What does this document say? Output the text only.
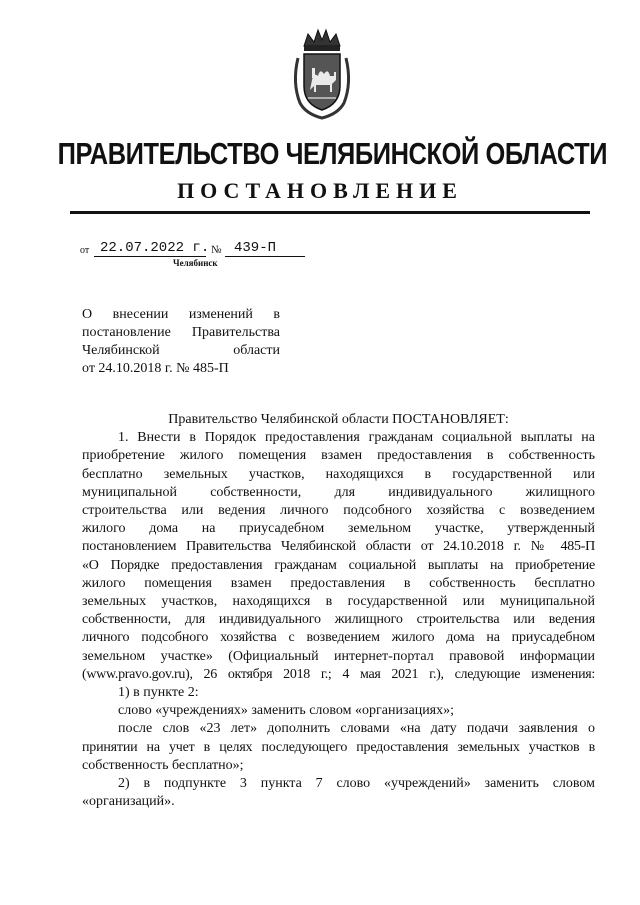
ПРАВИТЕЛЬСТВО ЧЕЛЯБИНСКОЙ ОБЛАСТИ
ПОСТАНОВЛЕНИЕ
от 22.07.2022 г. № 439-П
Челябинск
О внесении изменений в
постановление Правительства
Челябинской области
от 24.10.2018 г. № 485-П
Правительство Челябинской области ПОСТАНОВЛЯЕТ:
1. Внести в Порядок предоставления гражданам социальной выплаты на
приобретение жилого помещения взамен предоставления в собственность
бесплатно земельных участков, находящихся в государственной или
муниципальной собственности, для индивидуального жилищного
строительства или ведения личного подсобного хозяйства с возведением
жилого дома на приусадебном земельном участке, утвержденный
постановлением Правительства Челябинской области от 24.10.2018 г. № 485-П
«О Порядке предоставления гражданам социальной выплаты на приобретение
жилого помещения взамен предоставления в собственность бесплатно
земельных участков, находящихся в государственной или муниципальной
собственности, для индивидуального жилищного строительства или ведения
личного подсобного хозяйства с возведением жилого дома на приусадебном
земельном участке» (Официальный интернет-портал правовой информации
(www.pravo.gov.ru), 26 октября 2018 г.; 4 мая 2021 г.), следующие изменения:
1) в пункте 2:
слово «учреждениях» заменить словом «организациях»;
после слов «23 лет» дополнить словами «на дату подачи заявления о
принятии на учет в целях последующего предоставления земельных участков в
собственность бесплатно»;
2) в подпункте 3 пункта 7 слово «учреждений» заменить словом
«организаций».
